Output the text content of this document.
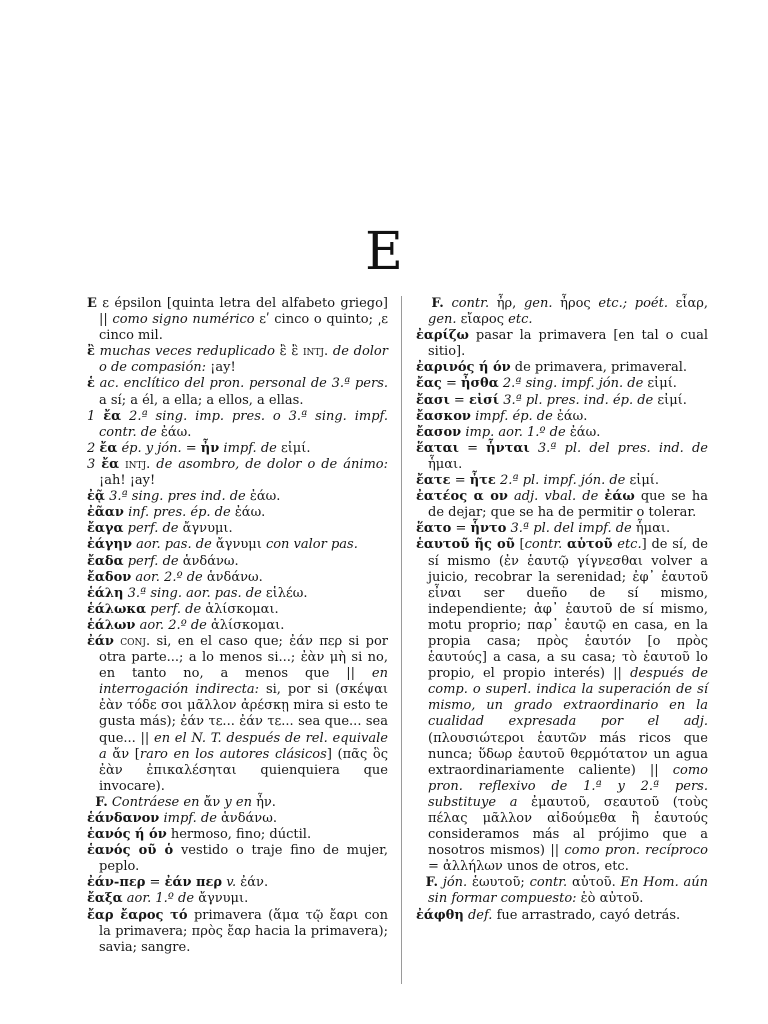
E

E ε épsilon [quinta letra del alfabeto griego] || como signo numérico εʹ cinco o quinto; ͵ε cinco mil.

ἒ muchas veces reduplicado ἒ ἒ intj. de dolor o de compasión: ¡ay!

ἑ ac. enclítico del pron. personal de 3.ª pers. a sí; a él, a ella; a ellos, a ellas.

1 ἔα 2.ª sing. imp. pres. o 3.ª sing. impf. contr. de ἐάω.

2 ἔα ép. y jón. = ἦν impf. de εἰμί.

3 ἔα intj. de asombro, de dolor o de ánimo: ¡ah! ¡ay!

ἐᾷ 3.ª sing. pres ind. de ἐάω.

ἐᾶαν inf. pres. ép. de ἐάω.

ἔαγα perf. de ἄγνυμι.

ἐάγην aor. pas. de ἄγνυμι con valor pas.

ἔαδα perf. de ἁνδάνω.

ἔαδον aor. 2.º de ἁνδάνω.

ἑάλη 3.ª sing. aor. pas. de εἱλέω.

ἑάλωκα perf. de ἁλίσκομαι.

ἑάλων aor. 2.º de ἁλίσκομαι.

ἐάν conj. si, en el caso que; ἐάν περ si por otra parte...; a lo menos si...; ἐὰν μὴ si no, en tanto no, a menos que || en interrogación indirecta: si, por si (σκέψαι ἐὰν τόδε σοι μᾶλλον ἀρέσκῃ mira si esto te gusta más); ἐάν τε... ἐάν τε... sea que... sea que... || en el N. T. después de rel. equivale a ἄν [raro en los autores clásicos] (πᾶς ὃς ἐὰν ἐπικαλέσηται quienquiera que invocare).

F. Contráese en ἄν y en ἦν.

ἑάνδανον impf. de ἁνδάνω.

ἑανός ή όν hermoso, fino; dúctil.

ἑανός οῦ ὁ vestido o traje fino de mujer, peplo.

ἐάν-περ = ἐάν περ v. ἐάν.

ἔαξα aor. 1.º de ἄγνυμι.

ἔαρ ἔαρος τό primavera (ἅμα τῷ ἔαρι con la primavera; πρὸς ἔαρ hacia la primavera); savia; sangre.

F. contr. ἦρ, gen. ἦρος etc.; poét. εἶαρ, gen. εἴαρος etc.

ἐαρίζω pasar la primavera [en tal o cual sitio].

ἐαρινός ή όν de primavera, primaveral.

ἔας = ἦσθα 2.ª sing. impf. jón. de εἰμί.

ἔασι = εἰσί 3.ª pl. pres. ind. ép. de εἰμί.

ἔασκον impf. ép. de ἐάω.

ἔασον imp. aor. 1.º de ἐάω.

ἕαται = ἧνται 3.ª pl. del pres. ind. de ἧμαι.

ἔατε = ἦτε 2.ª pl. impf. jón. de εἰμί.

ἐατέος α ον adj. vbal. de ἐάω que se ha de dejar; que se ha de permitir o tolerar.

ἕατο = ἧντο 3.ª pl. del impf. de ἧμαι.

ἑαυτοῦ ῆς οῦ [contr. αὑτοῦ etc.] de sí, de sí mismo (ἐν ἑαυτῷ γίγνεσθαι volver a juicio, recobrar la serenidad; ἐφ᾽ ἑαυτοῦ εἶναι ser dueño de sí mismo, independiente; ἀφ᾽ ἑαυτοῦ de sí mismo, motu proprio; παρ᾽ ἑαυτῷ en casa, en la propia casa; πρὸς ἑαυτόν [o πρὸς ἑαυτούς] a casa, a su casa; τὸ ἑαυτοῦ lo propio, el propio interés) || después de comp. o superl. indica la superación de sí mismo, un grado extraordinario en la cualidad expresada por el adj. (πλουσιώτεροι ἑαυτῶν más ricos que nunca; ὕδωρ ἑαυτοῦ θερμότατον un agua extraordinariamente caliente) || como pron. reflexivo de 1.ª y 2.ª pers. substituye a ἐμαυτοῦ, σεαυτοῦ (τοὺς πέλας μᾶλλον αἰδούμεθα ἢ ἑαυτούς consideramos más al prójimo que a nosotros mismos) || como pron. recíproco = ἀλλήλων unos de otros, etc.

F. jón. ἑωυτοῦ; contr. αὑτοῦ. En Hom. aún sin formar compuesto: ἑὸ αὐτοῦ.

ἐάφθη def. fue arrastrado, cayó detrás.
